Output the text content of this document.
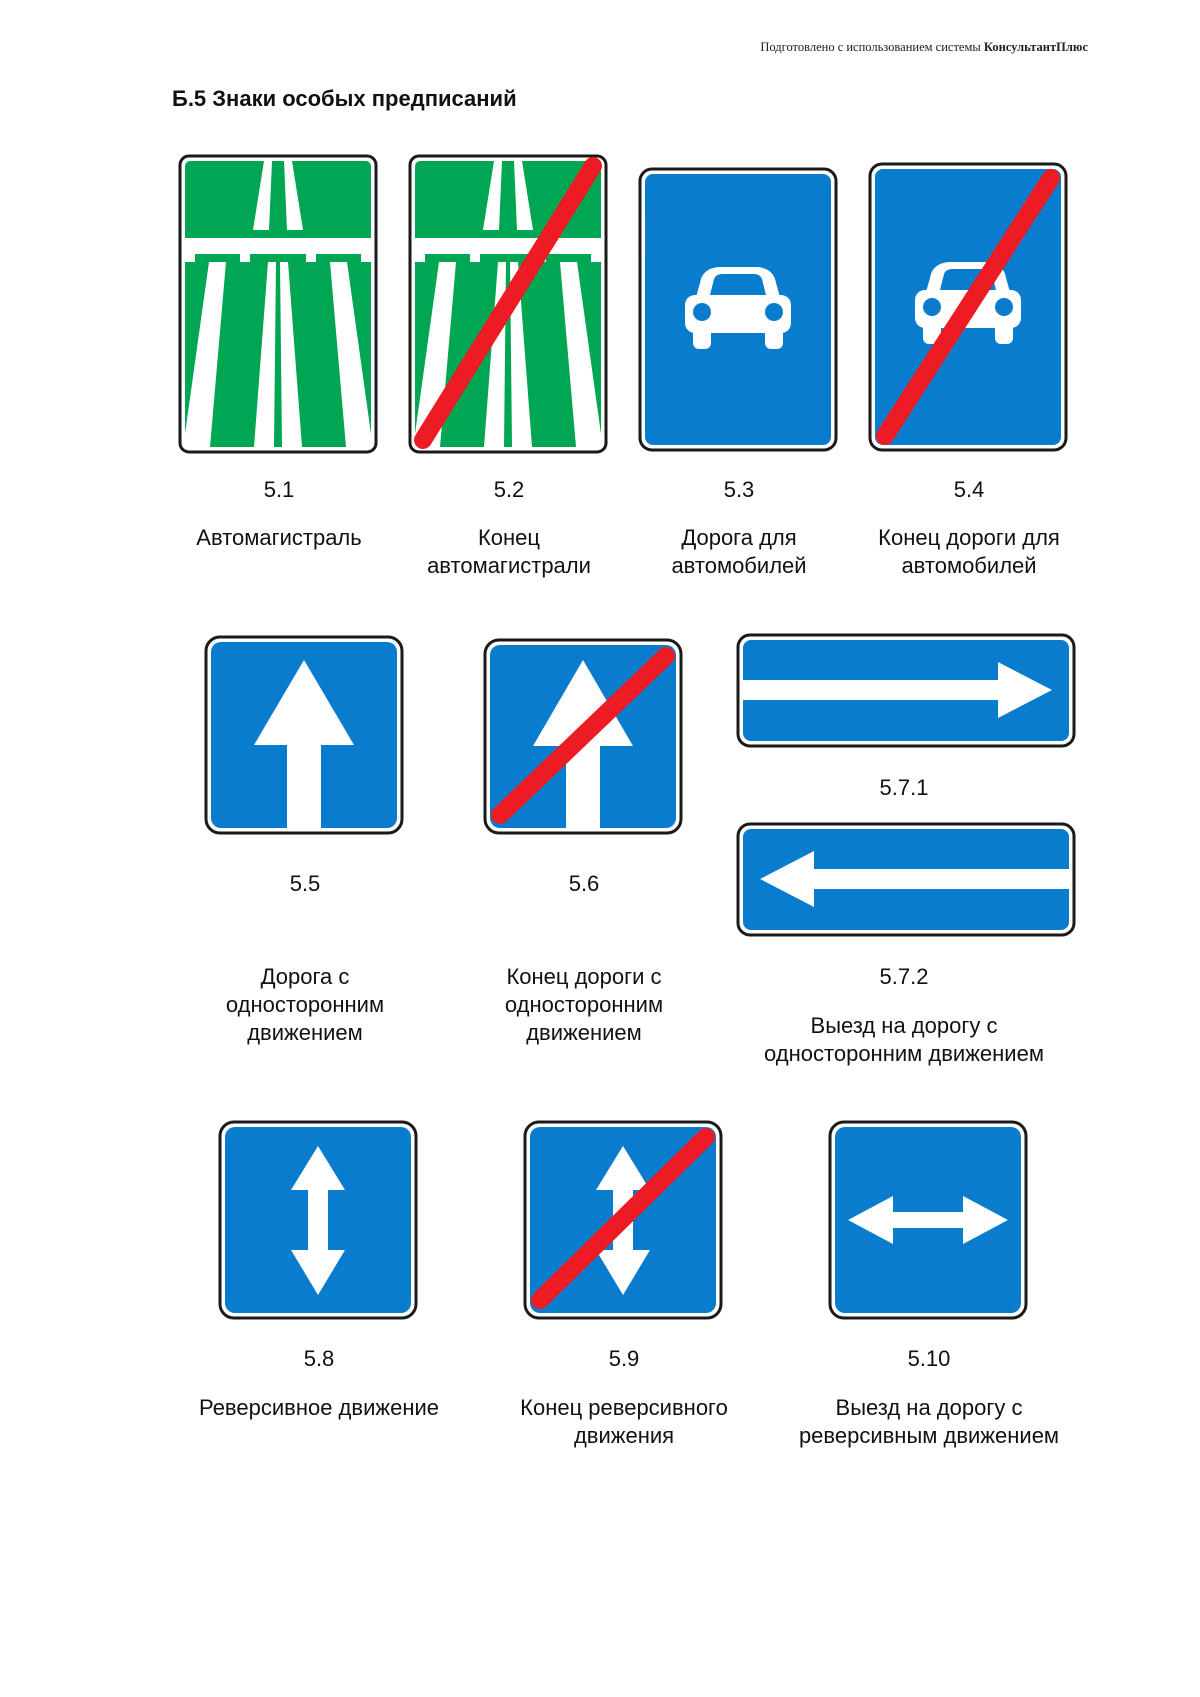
Подготовлено с использованием системы КонсультантПлюс
Б.5 Знаки особых предписаний
5.1
Автомагистраль
5.2
Конец
автомагистрали
5.3
Дорога для
автомобилей
5.4
Конец дороги для
автомобилей
5.5
Дорога с
односторонним
движением
5.6
Конец дороги с
односторонним
движением
5.7.1
5.7.2
Выезд на дорогу с
односторонним движением
5.8
Реверсивное движение
5.9
Конец реверсивного
движения
5.10
Выезд на дорогу с
реверсивным движением
